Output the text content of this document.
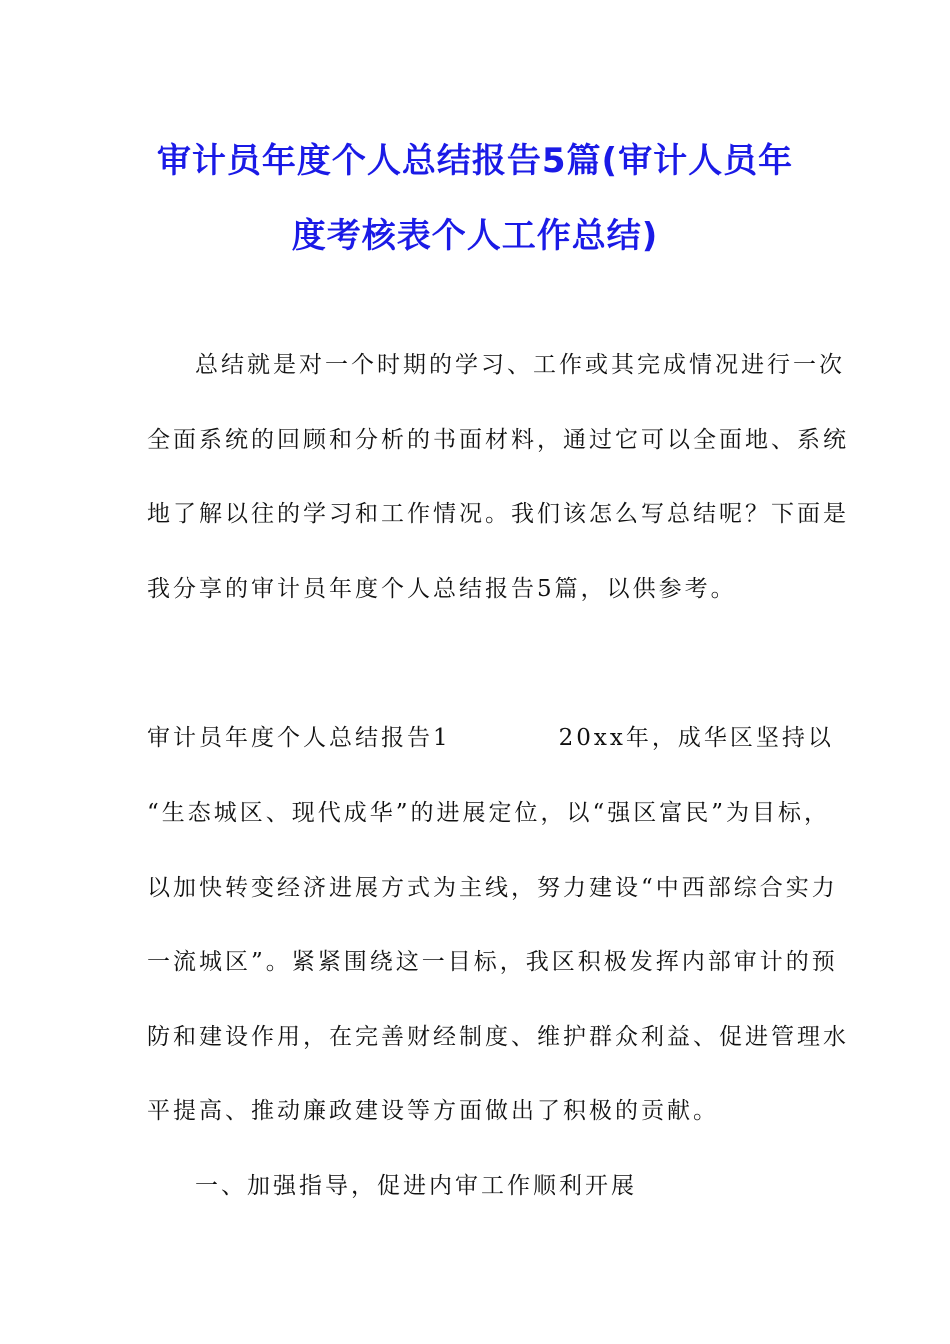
审计员年度个人总结报告5篇(审计人员年
度考核表个人工作总结)
总结就是对一个时期的学习、工作或其完成情况进行一次
全面系统的回顾和分析的书面材料，通过它可以全面地、系统
地了解以往的学习和工作情况。我们该怎么写总结呢？下面是
我分享的审计员年度个人总结报告5篇，以供参考。
审计员年度个人总结报告1	20xx年，成华区坚持以
“生态城区、现代成华”的进展定位，以“强区富民”为目标，
以加快转变经济进展方式为主线，努力建设“中西部综合实力
一流城区”。紧紧围绕这一目标，我区积极发挥内部审计的预
防和建设作用，在完善财经制度、维护群众利益、促进管理水
平提高、推动廉政建设等方面做出了积极的贡献。
一、加强指导，促进内审工作顺利开展
